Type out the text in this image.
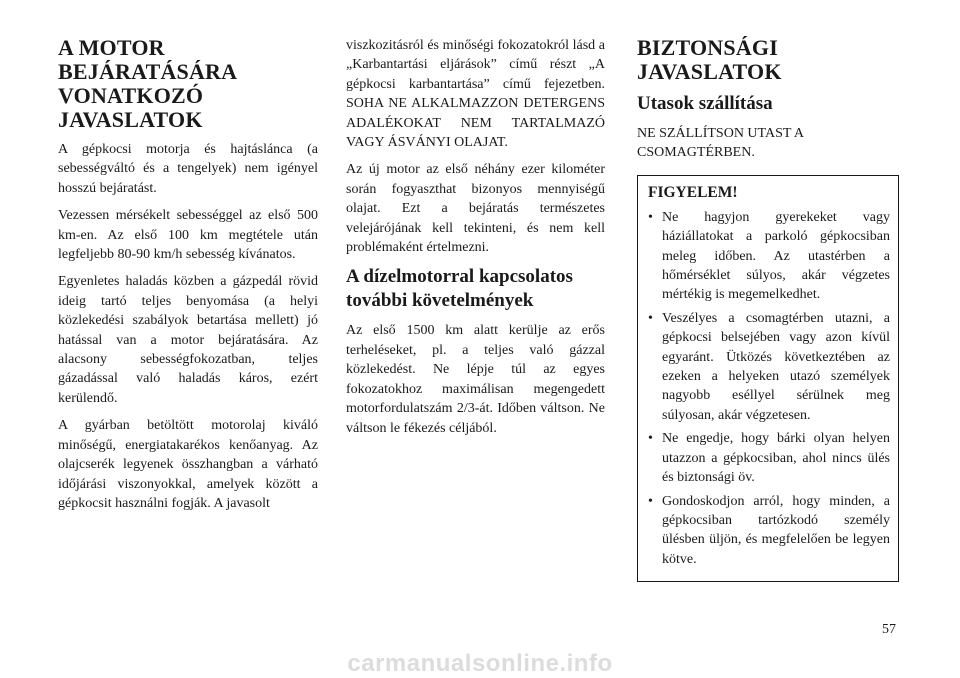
A MOTOR BEJÁRATÁSÁRA VONATKOZÓ JAVASLATOK

A gépkocsi motorja és hajtáslánca (a sebességváltó és a tengelyek) nem igényel hosszú bejáratást.

Vezessen mérsékelt sebességgel az első 500 km-en. Az első 100 km megtétele után legfeljebb 80-90 km/h sebesség kívánatos.

Egyenletes haladás közben a gázpedál rövid ideig tartó teljes benyomása (a helyi közlekedési szabályok betartása mellett) jó hatással van a motor bejáratására. Az alacsony sebességfokozatban, teljes gázadással való haladás káros, ezért kerülendő.

A gyárban betöltött motorolaj kiváló minőségű, energiatakarékos kenőanyag. Az olajcserék legyenek összhangban a várható időjárási viszonyokkal, amelyek között a gépkocsit használni fogják. A javasolt

viszkozitásról és minőségi fokozatokról lásd a „Karbantartási eljárások” című részt „A gépkocsi karbantartása” című fejezetben. SOHA NE ALKALMAZZON DETERGENS ADALÉKOKAT NEM TARTALMAZÓ VAGY ÁSVÁNYI OLAJAT.

Az új motor az első néhány ezer kilométer során fogyaszthat bizonyos mennyiségű olajat. Ezt a bejáratás természetes velejárójának kell tekinteni, és nem kell problémaként értelmezni.

A dízelmotorral kapcsolatos további követelmények

Az első 1500 km alatt kerülje az erős terheléseket, pl. a teljes való gázzal közlekedést. Ne lépje túl az egyes fokozatokhoz maximálisan megengedett motorfordulatszám 2/3-át. Időben váltson. Ne váltson le fékezés céljából.

BIZTONSÁGI JAVASLATOK
Utasok szállítása

NE SZÁLLÍTSON UTAST A CSOMAGTÉRBEN.

FIGYELEM!
• Ne hagyjon gyerekeket vagy háziállatokat a parkoló gépkocsiban meleg időben. Az utastérben a hőmérséklet súlyos, akár végzetes mértékig is megemelkedhet.
• Veszélyes a csomagtérben utazni, a gépkocsi belsejében vagy azon kívül egyaránt. Ütközés következtében az ezeken a helyeken utazó személyek nagyobb eséllyel sérülnek meg súlyosan, akár végzetesen.
• Ne engedje, hogy bárki olyan helyen utazzon a gépkocsiban, ahol nincs ülés és biztonsági öv.
• Gondoskodjon arról, hogy minden, a gépkocsiban tartózkodó személy ülésben üljön, és megfelelően be legyen kötve.
57
carmanualsonline.info
